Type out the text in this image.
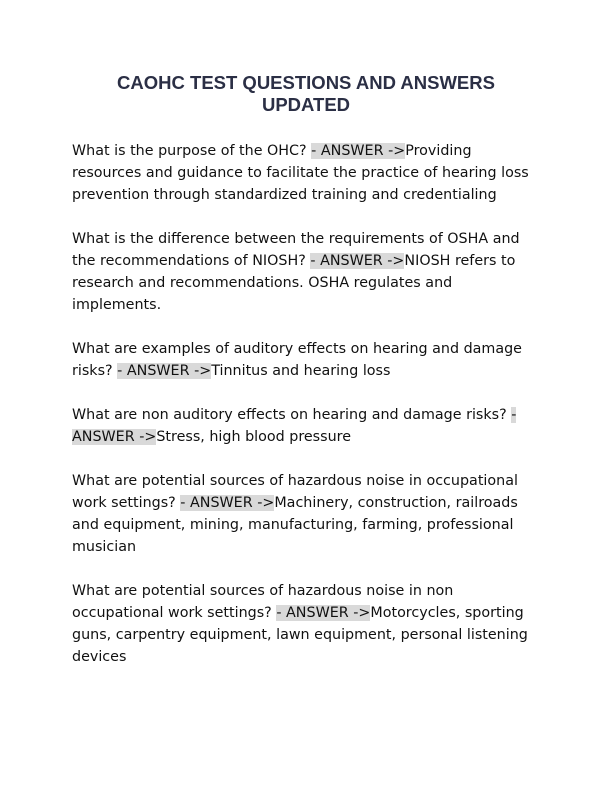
CAOHC TEST QUESTIONS AND ANSWERS UPDATED

What is the purpose of the OHC? - ANSWER ->Providing resources and guidance to facilitate the practice of hearing loss prevention through standardized training and credentialing

What is the difference between the requirements of OSHA and the recommendations of NIOSH? - ANSWER ->NIOSH refers to research and recommendations. OSHA regulates and implements.

What are examples of auditory effects on hearing and damage risks? - ANSWER ->Tinnitus and hearing loss

What are non auditory effects on hearing and damage risks? - ANSWER ->Stress, high blood pressure

What are potential sources of hazardous noise in occupational work settings? - ANSWER ->Machinery, construction, railroads and equipment, mining, manufacturing, farming, professional musician

What are potential sources of hazardous noise in non occupational work settings? - ANSWER ->Motorcycles, sporting guns, carpentry equipment, lawn equipment, personal listening devices
